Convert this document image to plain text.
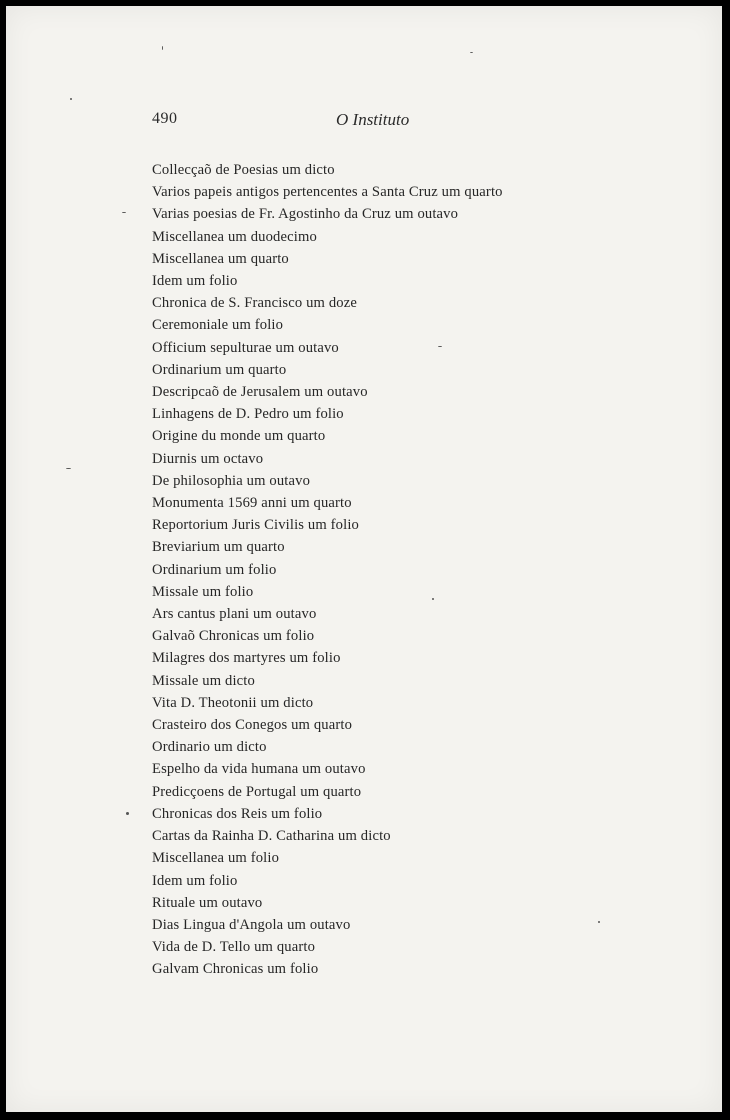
490	O Instituto
Collecçaõ de Poesias um dicto
Varios papeis antigos pertencentes a Santa Cruz um quarto
Varias poesias de Fr. Agostinho da Cruz um outavo
Miscellanea um duodecimo
Miscellanea um quarto
Idem um folio
Chronica de S. Francisco um doze
Ceremoniale um folio
Officium sepulturae um outavo
Ordinarium um quarto
Descripcaõ de Jerusalem um outavo
Linhagens de D. Pedro um folio
Origine du monde um quarto
Diurnis um octavo
De philosophia um outavo
Monumenta 1569 anni um quarto
Reportorium Juris Civilis um folio
Breviarium um quarto
Ordinarium um folio
Missale um folio
Ars cantus plani um outavo
Galvaõ Chronicas um folio
Milagres dos martyres um folio
Missale um dicto
Vita D. Theotonii um dicto
Crasteiro dos Conegos um quarto
Ordinario um dicto
Espelho da vida humana um outavo
Predicçoens de Portugal um quarto
Chronicas dos Reis um folio
Cartas da Rainha D. Catharina um dicto
Miscellanea um folio
Idem um folio
Rituale um outavo
Dias Lingua d'Angola um outavo
Vida de D. Tello um quarto
Galvam Chronicas um folio
